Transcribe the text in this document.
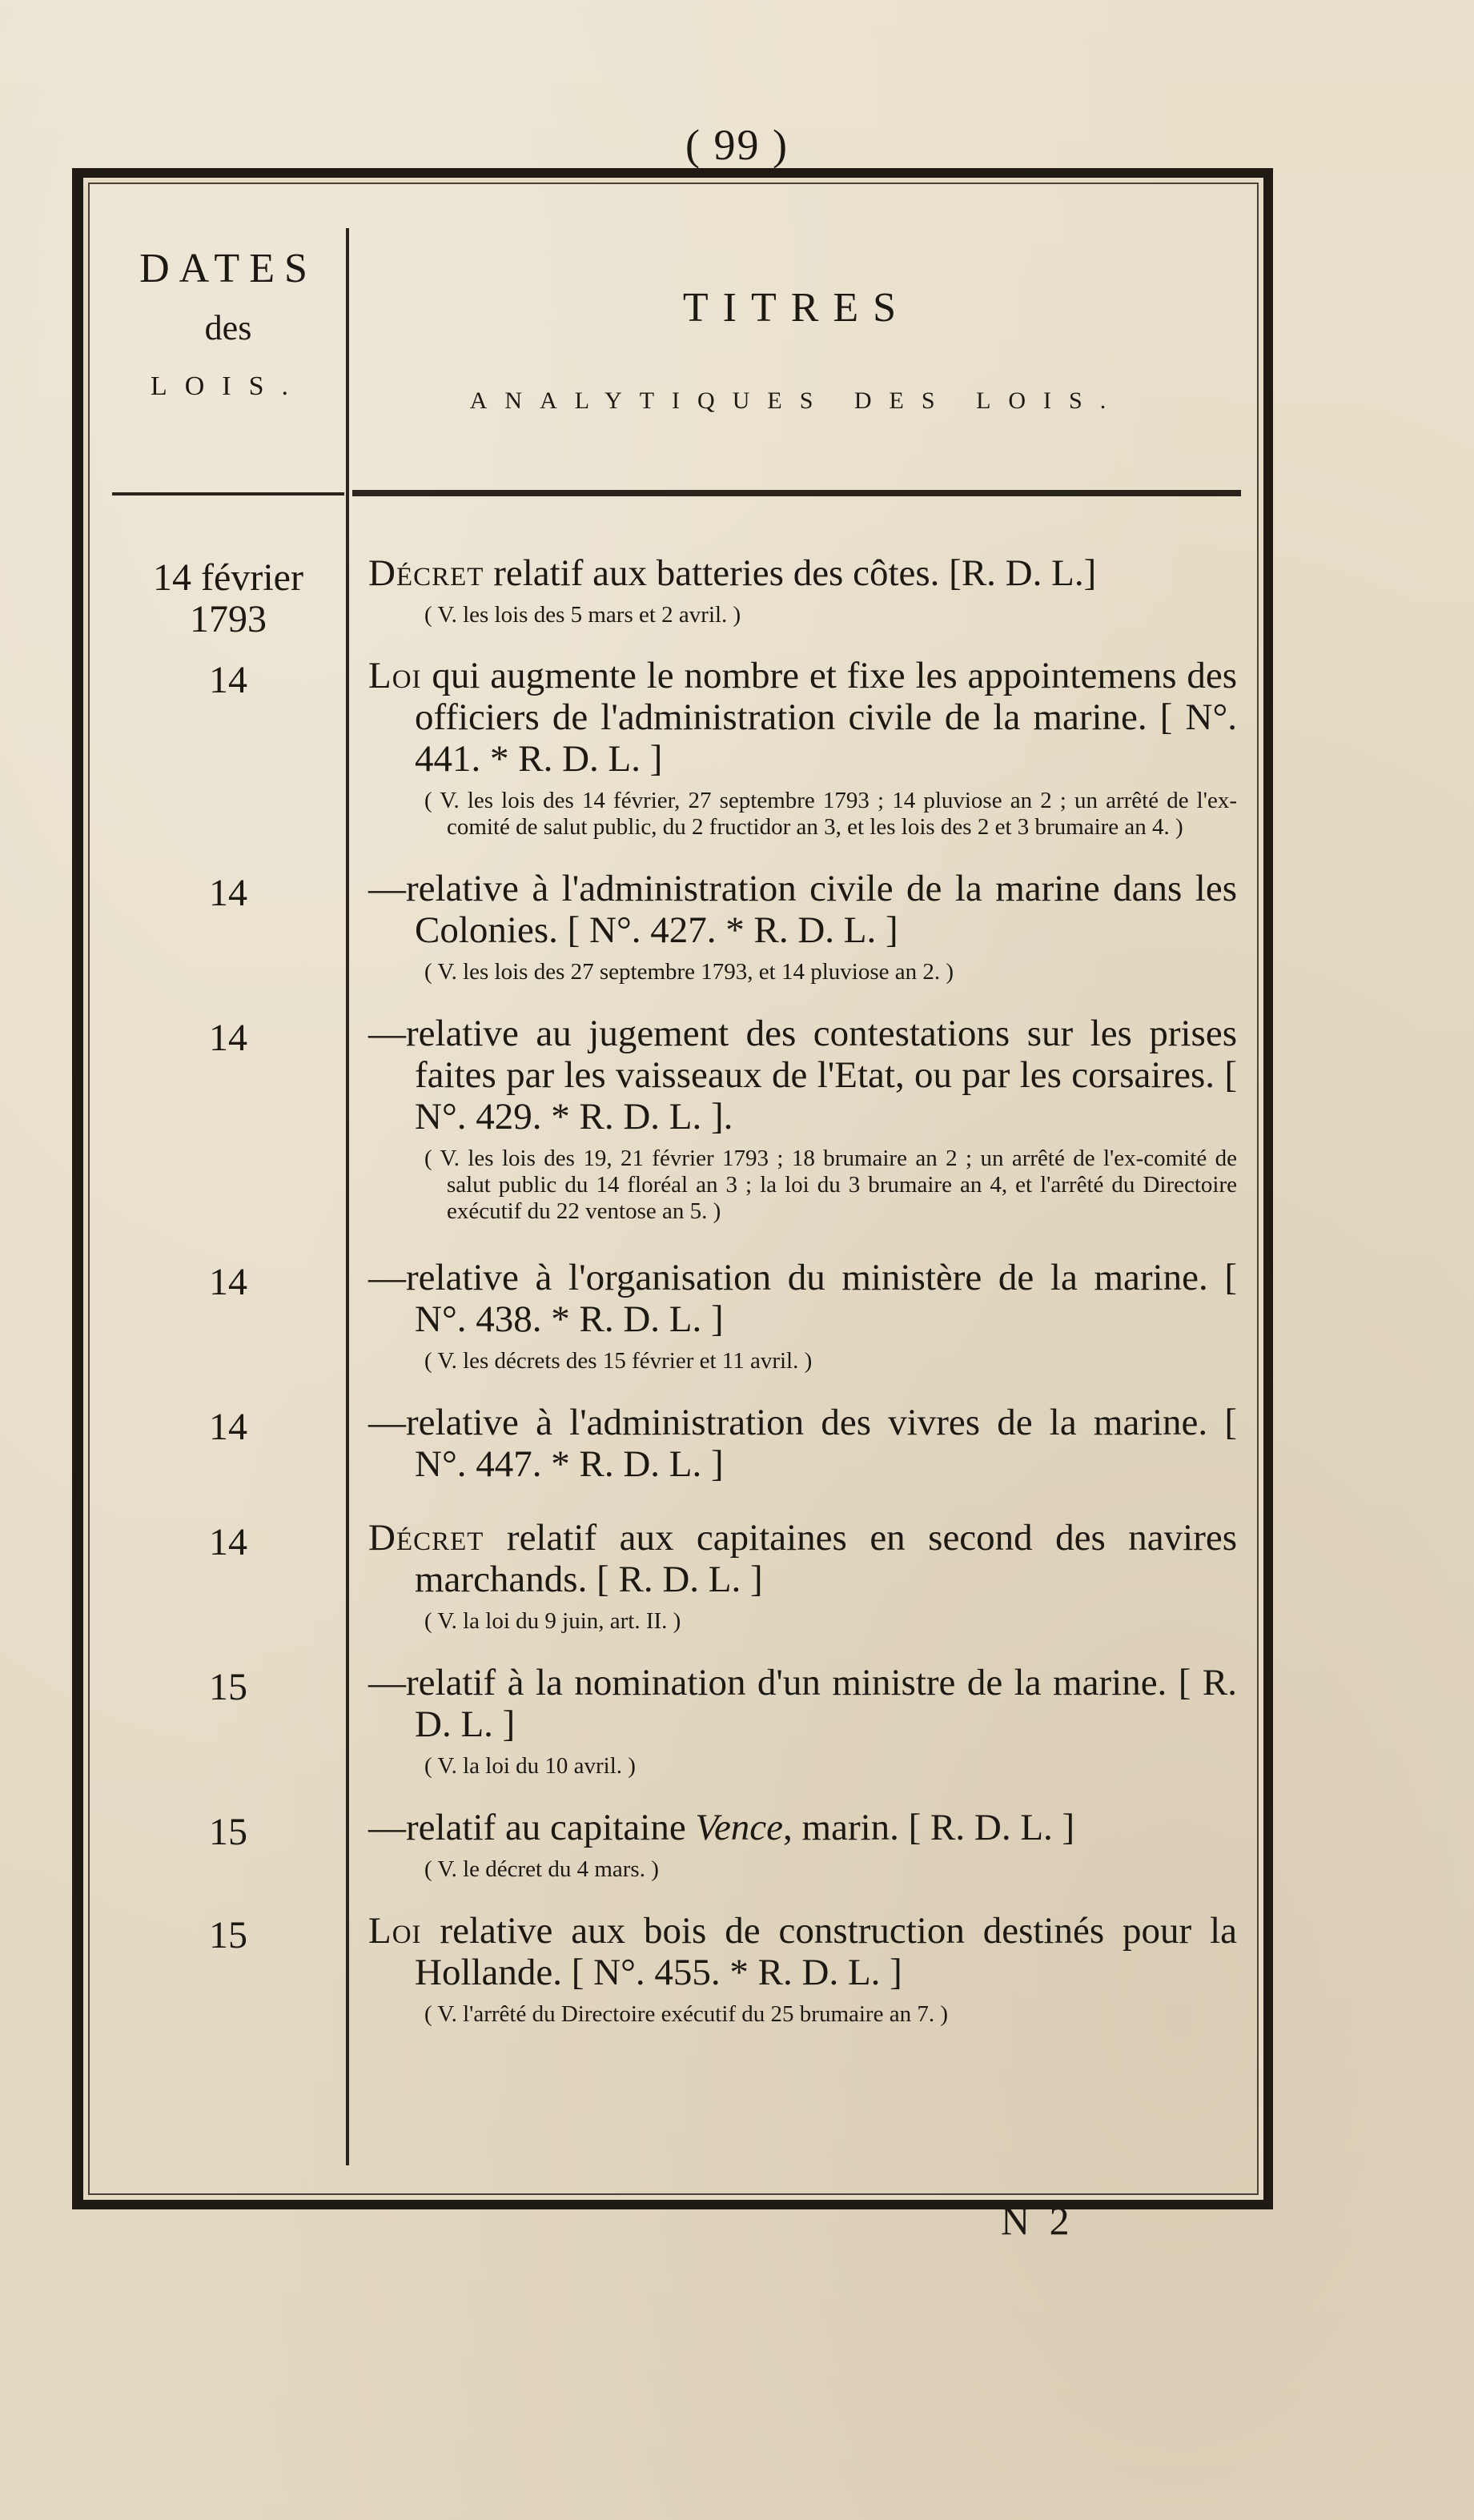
( 99 )
DATES
des
LOIS.
TITRES
ANALYTIQUES DES LOIS.
14 février 1793
Décret relatif aux batteries des côtes. [R. D. L.]
( V. les lois des 5 mars et 2 avril. )
14	Loi qui augmente le nombre et fixe les appointemens des officiers de l'administration civile de la marine. [ N°. 441. * R. D. L. ]
( V. les lois des 14 février, 27 septembre 1793 ; 14 pluviose an 2 ; un arrêté de l'ex-comité de salut public, du 2 fructidor an 3, et les lois des 2 et 3 brumaire an 4. )
14	—relative à l'administration civile de la marine dans les Colonies. [ N°. 427. * R. D. L. ]
( V. les lois des 27 septembre 1793, et 14 pluviose an 2. )
14	—relative au jugement des contestations sur les prises faites par les vaisseaux de l'Etat, ou par les corsaires. [ N°. 429. * R. D. L. ].
( V. les lois des 19, 21 février 1793 ; 18 brumaire an 2 ; un arrêté de l'ex-comité de salut public du 14 floréal an 3 ; la loi du 3 brumaire an 4, et l'arrêté du Directoire exécutif du 22 ventose an 5. )
14	—relative à l'organisation du ministère de la marine. [ N°. 438. * R. D. L. ]
( V. les décrets des 15 février et 11 avril. )
14	—relative à l'administration des vivres de la marine. [ N°. 447. * R. D. L. ]
14	Décret relatif aux capitaines en second des navires marchands. [ R. D. L. ]
( V. la loi du 9 juin, art. II. )
15	—relatif à la nomination d'un ministre de la marine. [ R. D. L. ]
( V. la loi du 10 avril. )
15	—relatif au capitaine Vence, marin. [ R. D. L. ]
( V. le décret du 4 mars. )
15	Loi relative aux bois de construction destinés pour la Hollande. [ N°. 455. * R. D. L. ]
( V. l'arrêté du Directoire exécutif du 25 brumaire an 7. )
N 2
